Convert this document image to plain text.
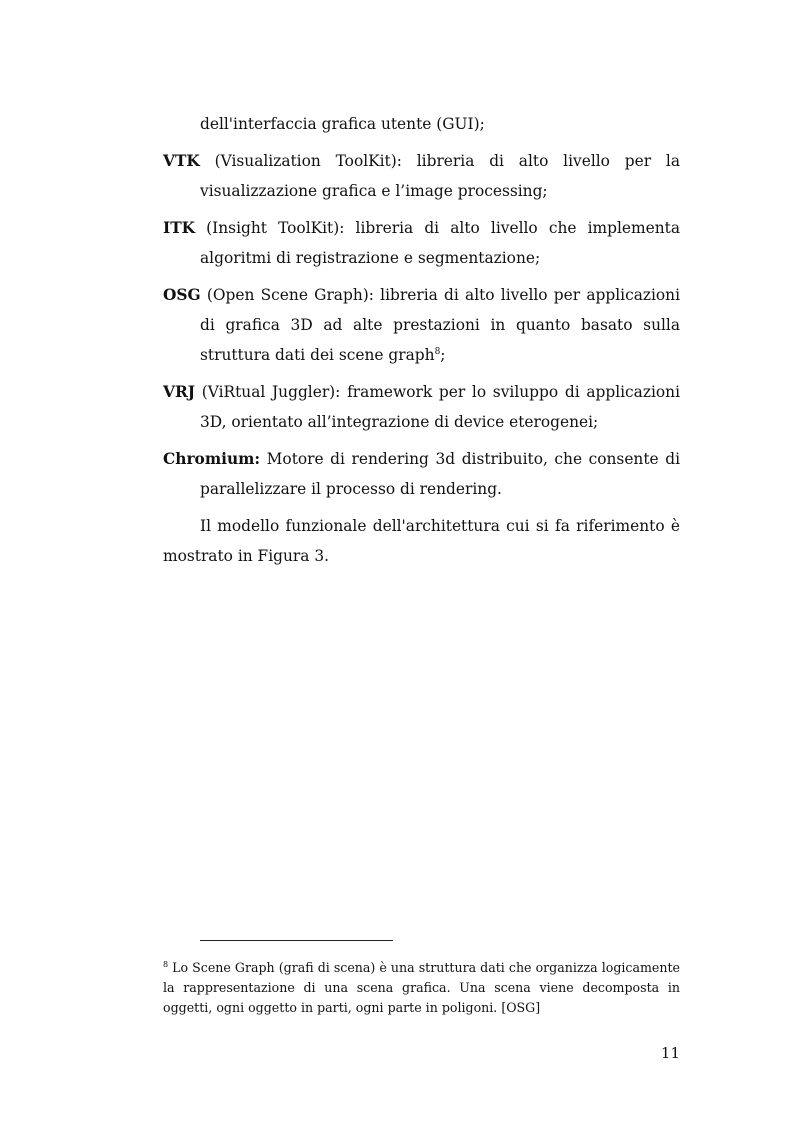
dell'interfaccia grafica utente (GUI);

VTK (Visualization ToolKit): libreria di alto livello per la visualizzazione grafica e l’image processing;

ITK (Insight ToolKit): libreria di alto livello che implementa algoritmi di registrazione e segmentazione;

OSG (Open Scene Graph): libreria di alto livello per applicazioni di grafica 3D ad alte prestazioni in quanto basato sulla struttura dati dei scene graph$^8$;

VRJ (ViRtual Juggler): framework per lo sviluppo di applicazioni 3D, orientato all’integrazione di device eterogenei;

Chromium: Motore di rendering 3d distribuito, che consente di parallelizzare il processo di rendering.

Il modello funzionale dell'architettura cui si fa riferimento è mostrato in Figura 3.

$^8$ Lo Scene Graph (grafi di scena) è una struttura dati che organizza logicamente la rappresentazione di una scena grafica. Una scena viene decomposta in oggetti, ogni oggetto in parti, ogni parte in poligoni. [OSG]
11
